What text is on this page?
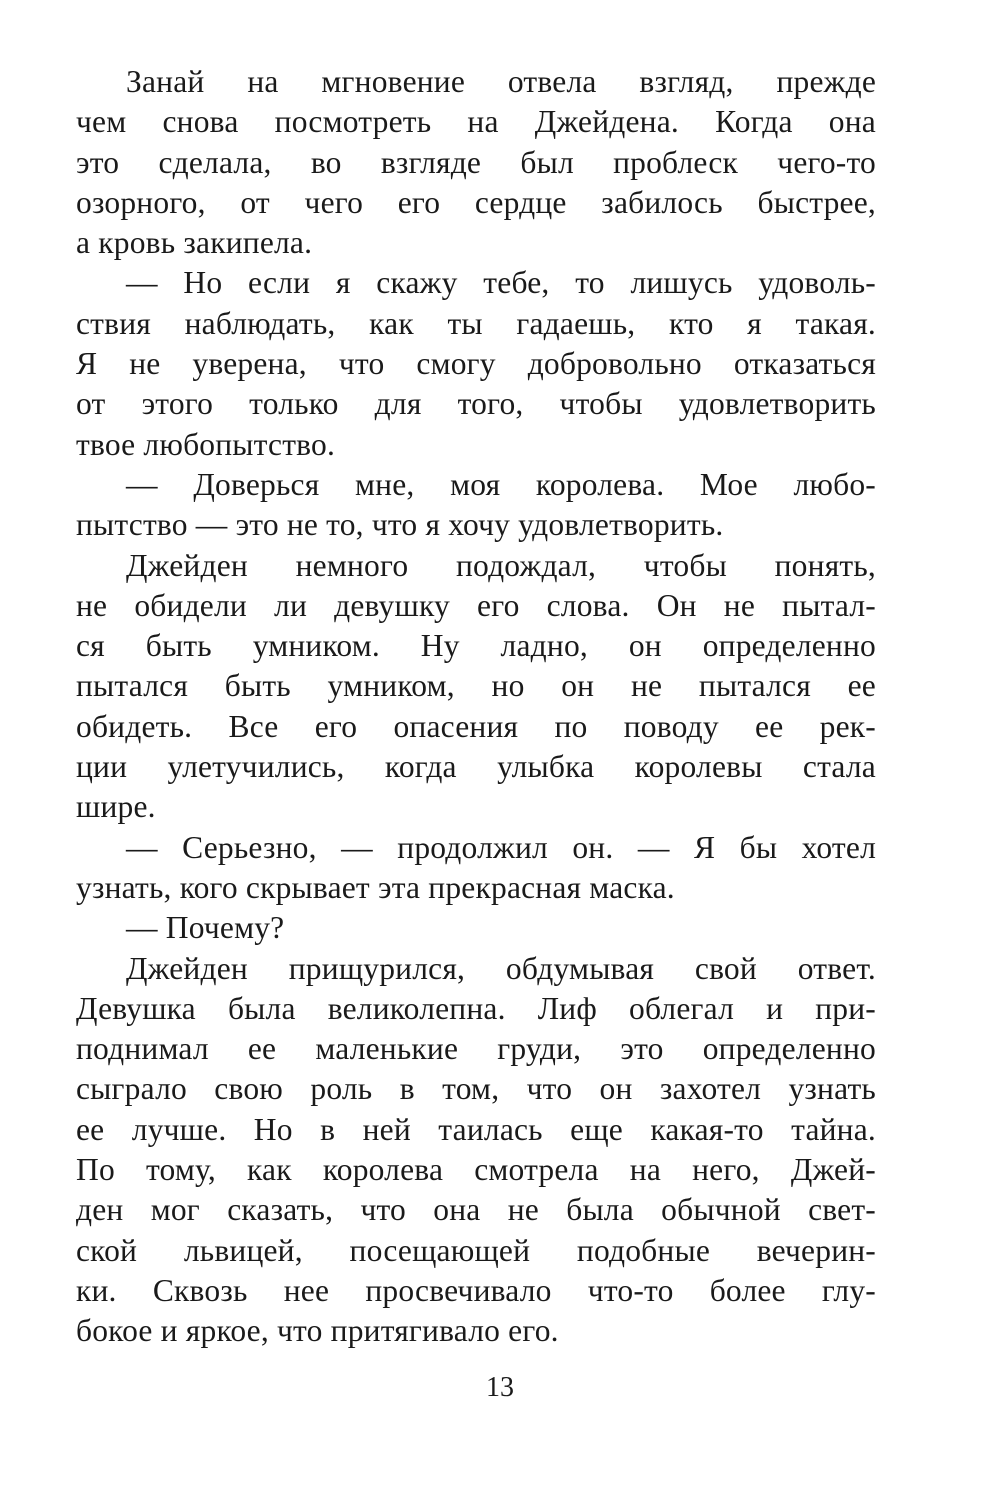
Занай на мгновение отвела взгляд, прежде
чем снова посмотреть на Джейдена. Когда она
это сделала, во взгляде был проблеск чего-то
озорного, от чего его сердце забилось быстрее,
а кровь закипела.
— Но если я скажу тебе, то лишусь удоволь-
ствия наблюдать, как ты гадаешь, кто я такая.
Я не уверена, что смогу добровольно отказаться
от этого только для того, чтобы удовлетворить
твое любопытство.
— Доверься мне, моя королева. Мое любо-
пытство — это не то, что я хочу удовлетворить.
Джейден немного подождал, чтобы понять,
не обидели ли девушку его слова. Он не пытал-
ся быть умником. Ну ладно, он определенно
пытался быть умником, но он не пытался ее
обидеть. Все его опасения по поводу ее рек-
ции улетучились, когда улыбка королевы стала
шире.
— Серьезно, — продолжил он. — Я бы хотел
узнать, кого скрывает эта прекрасная маска.
— Почему?
Джейден прищурился, обдумывая свой ответ.
Девушка была великолепна. Лиф облегал и при-
поднимал ее маленькие груди, это определенно
сыграло свою роль в том, что он захотел узнать
ее лучше. Но в ней таилась еще какая-то тайна.
По тому, как королева смотрела на него, Джей-
ден мог сказать, что она не была обычной свет-
ской львицей, посещающей подобные вечерин-
ки. Сквозь нее просвечивало что-то более глу-
бокое и яркое, что притягивало его.
13
